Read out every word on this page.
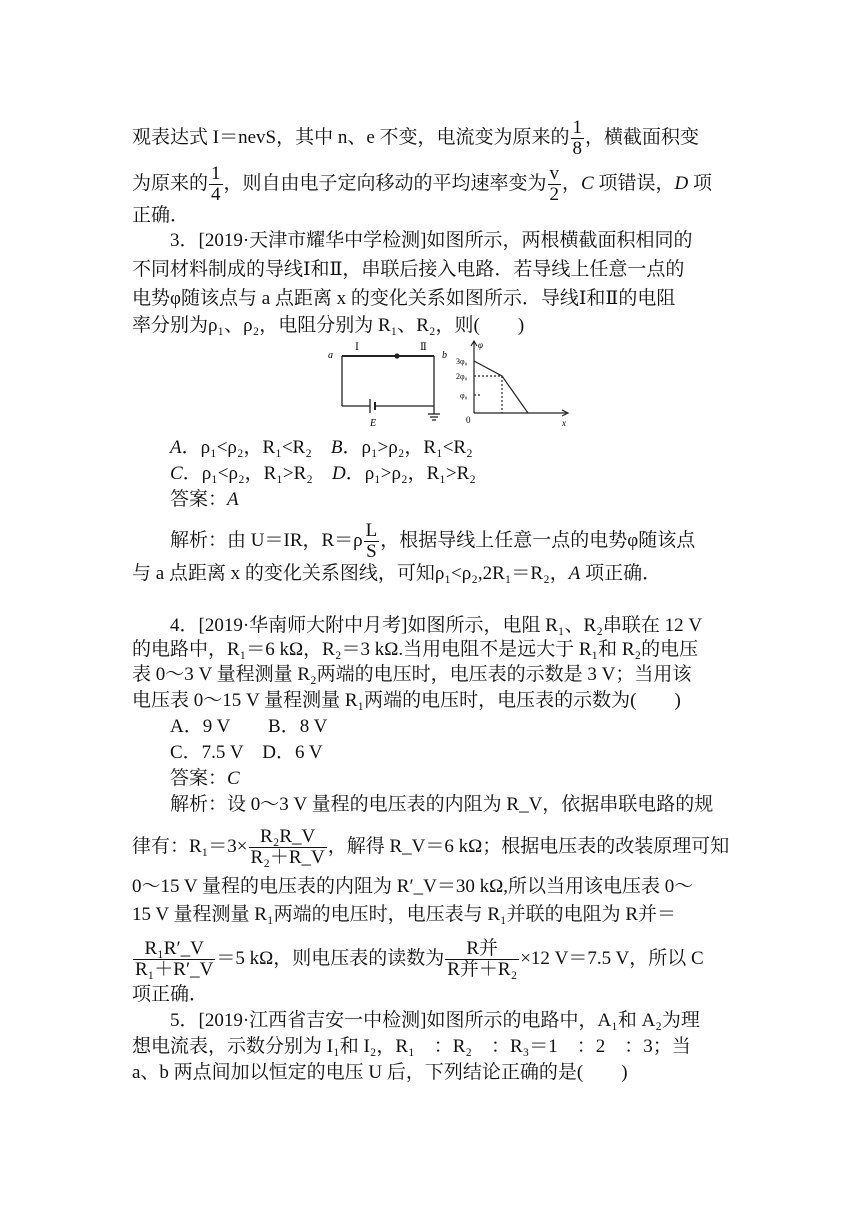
观表达式 I＝nevS，其中 n、e 不变，电流变为原来的 $\frac{1}{8}$ ，横截面积变
为原来的 $\frac{1}{4}$ ，则自由电子定向移动的平均速率变为 $\frac{v}{2}$ ，C 项错误，D 项
正确．
3．[2019·天津市耀华中学检测]如图所示，两根横截面积相同的
不同材料制成的导线Ⅰ和Ⅱ，串联后接入电路．若导线上任意一点的
电势φ随该点与 a 点距离 x 的变化关系如图所示．导线Ⅰ和Ⅱ的电阻
率分别为ρ₁、ρ₂，电阻分别为 R₁、R₂，则(　　)
a	b
Ⅰ	Ⅱ
E
φ
3φ₀
2φ₀
φ₀
0	x
A．ρ₁<ρ₂，R₁<R₂　 B．ρ₁>ρ₂，R₁<R₂
C．ρ₁<ρ₂，R₁>R₂　 D．ρ₁>ρ₂，R₁>R₂
答案：A
解析：由 U＝IR，$R=\rho \frac{L}{S}$ ，根据导线上任意一点的电势φ随该点
与 a 点距离 x 的变化关系图线，可知ρ₁<ρ₂,2R₁＝R₂，A 项正确．
4．[2019·华南师大附中月考]如图所示，电阻 R₁、R₂串联在 12 V
的电路中，R₁＝6 kΩ，R₂＝3 kΩ.当用电阻不是远大于 R₁和 R₂的电压
表 0～3 V 量程测量 R₂两端的电压时，电压表的示数是 3 V；当用该
电压表 0～15 V 量程测量 R₁两端的电压时，电压表的示数为(　　)
A．9 V　　 B．8 V
C．7.5 V　 D．6 V
答案：C
解析：设 0～3 V 量程的电压表的内阻为 R_V，依据串联电路的规
律有：$R_1=3\times \frac{\text{R₂R\_V}}{\text{R₂＋R\_V}}$ ，解得 R_V＝6 kΩ；根据电压表的改装原理可知
0～15 V 量程的电压表的内阻为 R′_V＝30 kΩ,所以当用该电压表 0～
15 V 量程测量 R₁两端的电压时，电压表与 R₁并联的电阻为 R并＝
$\frac{\text{R₁R′\_V}}{\text{R₁＋R′\_V}} =5$ kΩ，则电压表的读数为 $\frac{\text{R并}}{\text{R并＋R₂}} \times 12$ V＝7.5 V，所以 C
项正确．
5．[2019·江西省吉安一中检测]如图所示的电路中，A₁和 A₂为理
想电流表，示数分别为 I₁和 I₂，R₁　：R₂　：R₃＝1　：2　：3；当
a、b 两点间加以恒定的电压 U 后，下列结论正确的是(　　)
